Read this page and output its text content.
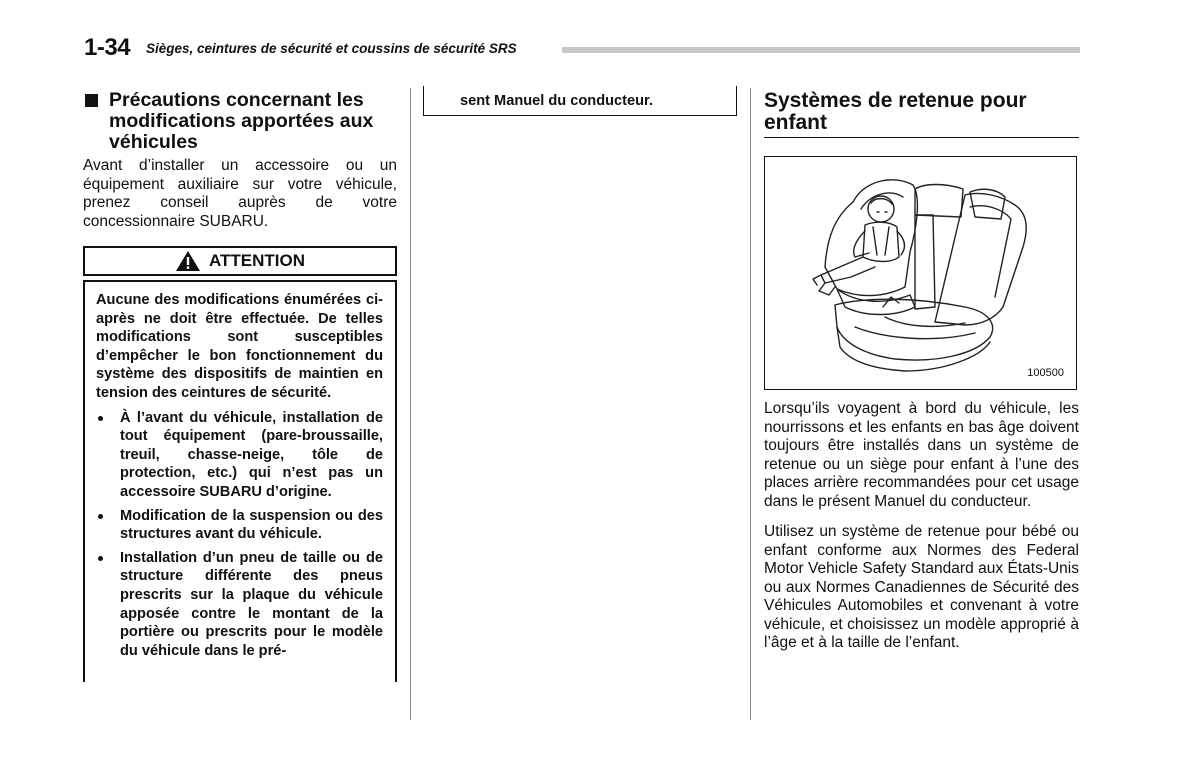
1-34 Sièges, ceintures de sécurité et coussins de sécurité SRS
Précautions concernant les modifications apportées aux véhicules

Avant d’installer un accessoire ou un équipement auxiliaire sur votre véhicule, prenez conseil auprès de votre concessionnaire SUBARU.

ATTENTION

Aucune des modifications énumérées ci-après ne doit être effectuée. De telles modifications sont susceptibles d’empêcher le bon fonctionnement du système des dispositifs de maintien en tension des ceintures de sécurité.

À l’avant du véhicule, installation de tout équipement (pare-broussaille, treuil, chasse-neige, tôle de protection, etc.) qui n’est pas un accessoire SUBARU d’origine.
Modification de la suspension ou des structures avant du véhicule.
Installation d’un pneu de taille ou de structure différente des pneus prescrits sur la plaque du véhicule apposée contre le montant de la portière ou prescrits pour le modèle du véhicule dans le pré-
sent Manuel du conducteur.	Systèmes de retenue pour enfant
100500

Lorsqu’ils voyagent à bord du véhicule, les nourrissons et les enfants en bas âge doivent toujours être installés dans un système de retenue ou un siège pour enfant à l’une des places arrière recommandées pour cet usage dans le présent Manuel du conducteur.

Utilisez un système de retenue pour bébé ou enfant conforme aux Normes des Federal Motor Vehicle Safety Standard aux États-Unis ou aux Normes Canadiennes de Sécurité des Véhicules Automobiles et convenant à votre véhicule, et choisissez un modèle approprié à l’âge et à la taille de l’enfant.
